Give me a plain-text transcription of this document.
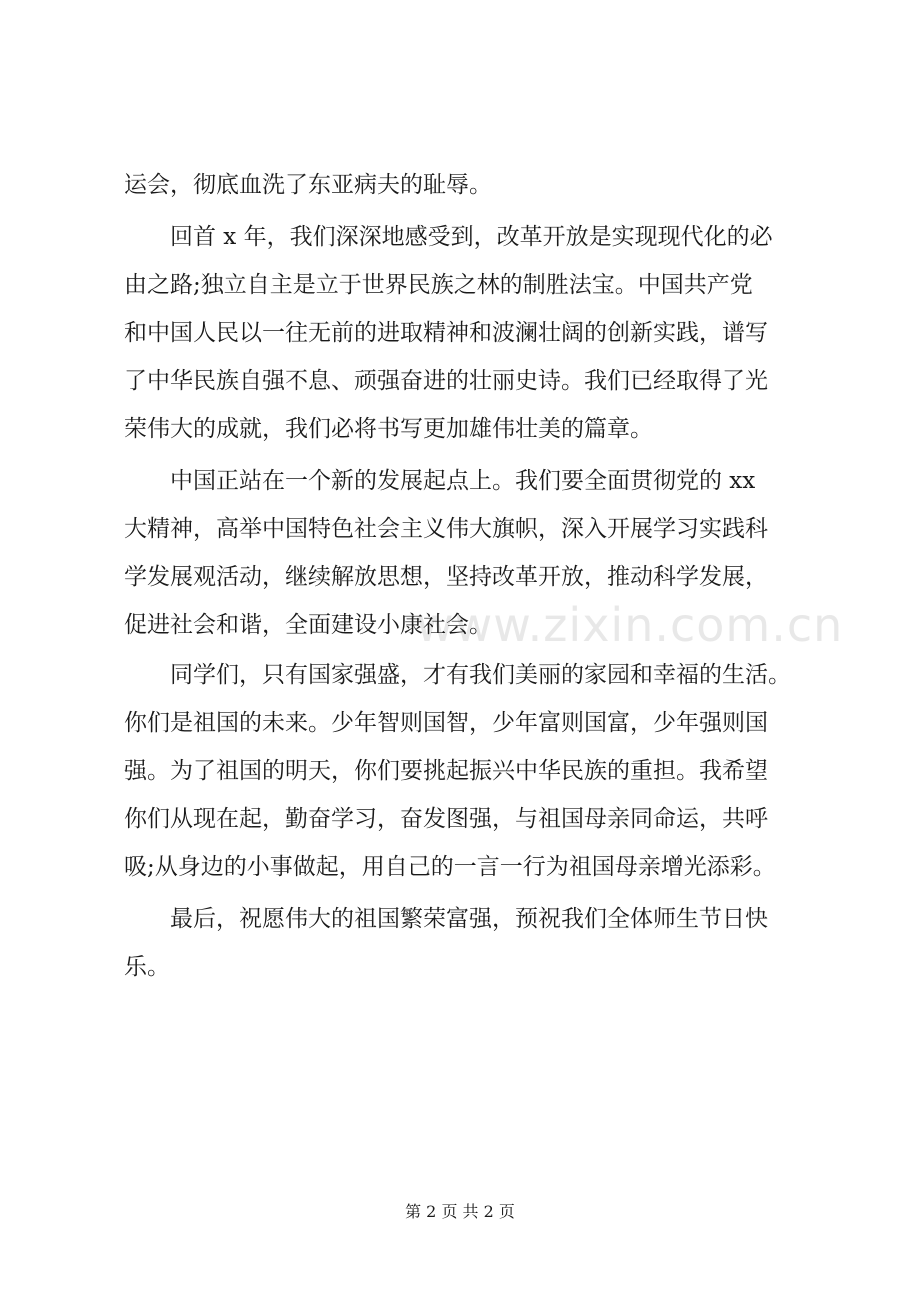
www.zixin.com.cn
运会，彻底血洗了东亚病夫的耻辱。
　　回首 x 年，我们深深地感受到，改革开放是实现现代化的必
由之路;独立自主是立于世界民族之林的制胜法宝。中国共产党
和中国人民以一往无前的进取精神和波澜壮阔的创新实践，谱写
了中华民族自强不息、顽强奋进的壮丽史诗。我们已经取得了光
荣伟大的成就，我们必将书写更加雄伟壮美的篇章。
　　中国正站在一个新的发展起点上。我们要全面贯彻党的 xx
大精神，高举中国特色社会主义伟大旗帜，深入开展学习实践科
学发展观活动，继续解放思想，坚持改革开放，推动科学发展，
促进社会和谐，全面建设小康社会。
　　同学们，只有国家强盛，才有我们美丽的家园和幸福的生活。
你们是祖国的未来。少年智则国智，少年富则国富，少年强则国
强。为了祖国的明天，你们要挑起振兴中华民族的重担。我希望
你们从现在起，勤奋学习，奋发图强，与祖国母亲同命运，共呼
吸;从身边的小事做起，用自己的一言一行为祖国母亲增光添彩。
　　最后，祝愿伟大的祖国繁荣富强，预祝我们全体师生节日快
乐。
第 2 页 共 2 页
